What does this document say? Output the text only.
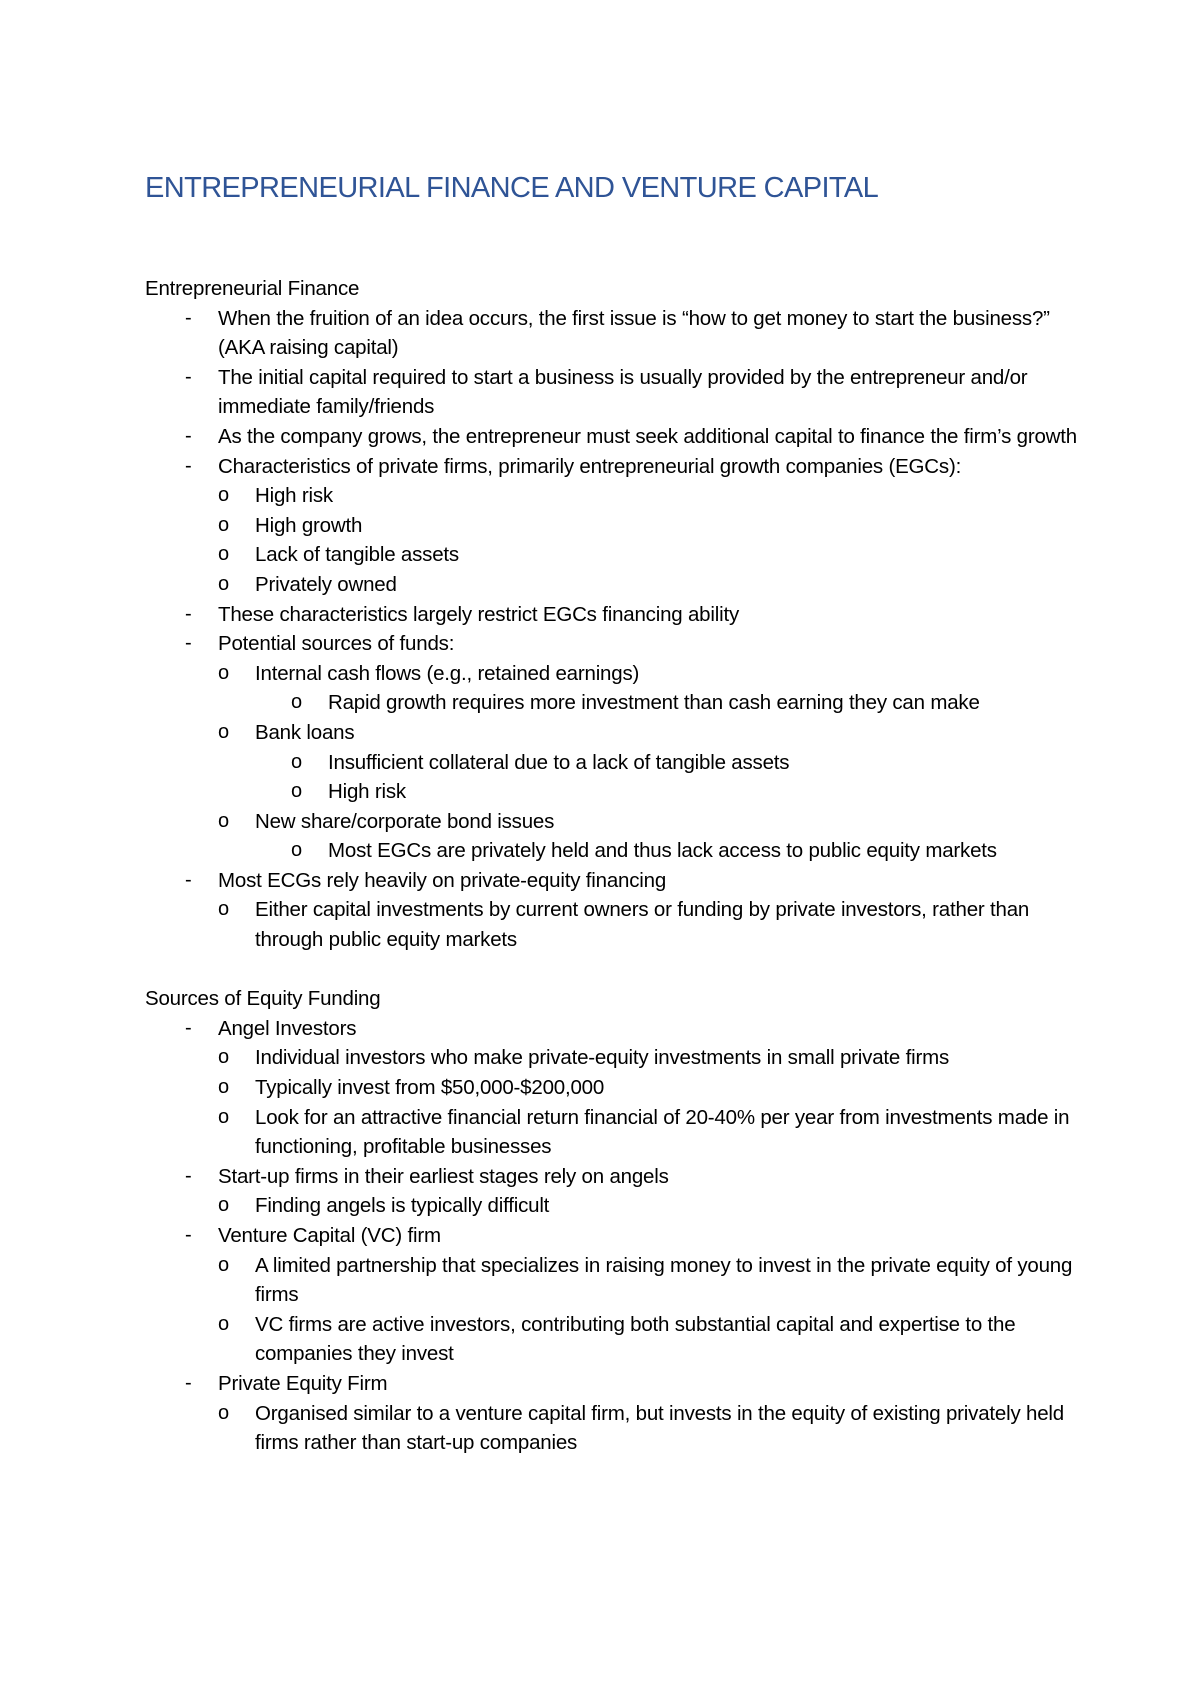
ENTREPRENEURIAL FINANCE AND VENTURE CAPITAL

Entrepreneurial Finance

- When the fruition of an idea occurs, the first issue is “how to get money to start the business?” (AKA raising capital)
- The initial capital required to start a business is usually provided by the entrepreneur and/or immediate family/friends
- As the company grows, the entrepreneur must seek additional capital to finance the firm’s growth
- Characteristics of private firms, primarily entrepreneurial growth companies (EGCs):
o High risk
o High growth
o Lack of tangible assets
o Privately owned
- These characteristics largely restrict EGCs financing ability
- Potential sources of funds:
o Internal cash flows (e.g., retained earnings)
o Rapid growth requires more investment than cash earning they can make
o Bank loans
o Insufficient collateral due to a lack of tangible assets
o High risk
o New share/corporate bond issues
o Most EGCs are privately held and thus lack access to public equity markets
- Most ECGs rely heavily on private-equity financing
o Either capital investments by current owners or funding by private investors, rather than through public equity markets

Sources of Equity Funding

- Angel Investors
o Individual investors who make private-equity investments in small private firms
o Typically invest from $50,000-$200,000
o Look for an attractive financial return financial of 20-40% per year from investments made in functioning, profitable businesses
- Start-up firms in their earliest stages rely on angels
o Finding angels is typically difficult
- Venture Capital (VC) firm
o A limited partnership that specializes in raising money to invest in the private equity of young firms
o VC firms are active investors, contributing both substantial capital and expertise to the companies they invest
- Private Equity Firm
o Organised similar to a venture capital firm, but invests in the equity of existing privately held firms rather than start-up companies
